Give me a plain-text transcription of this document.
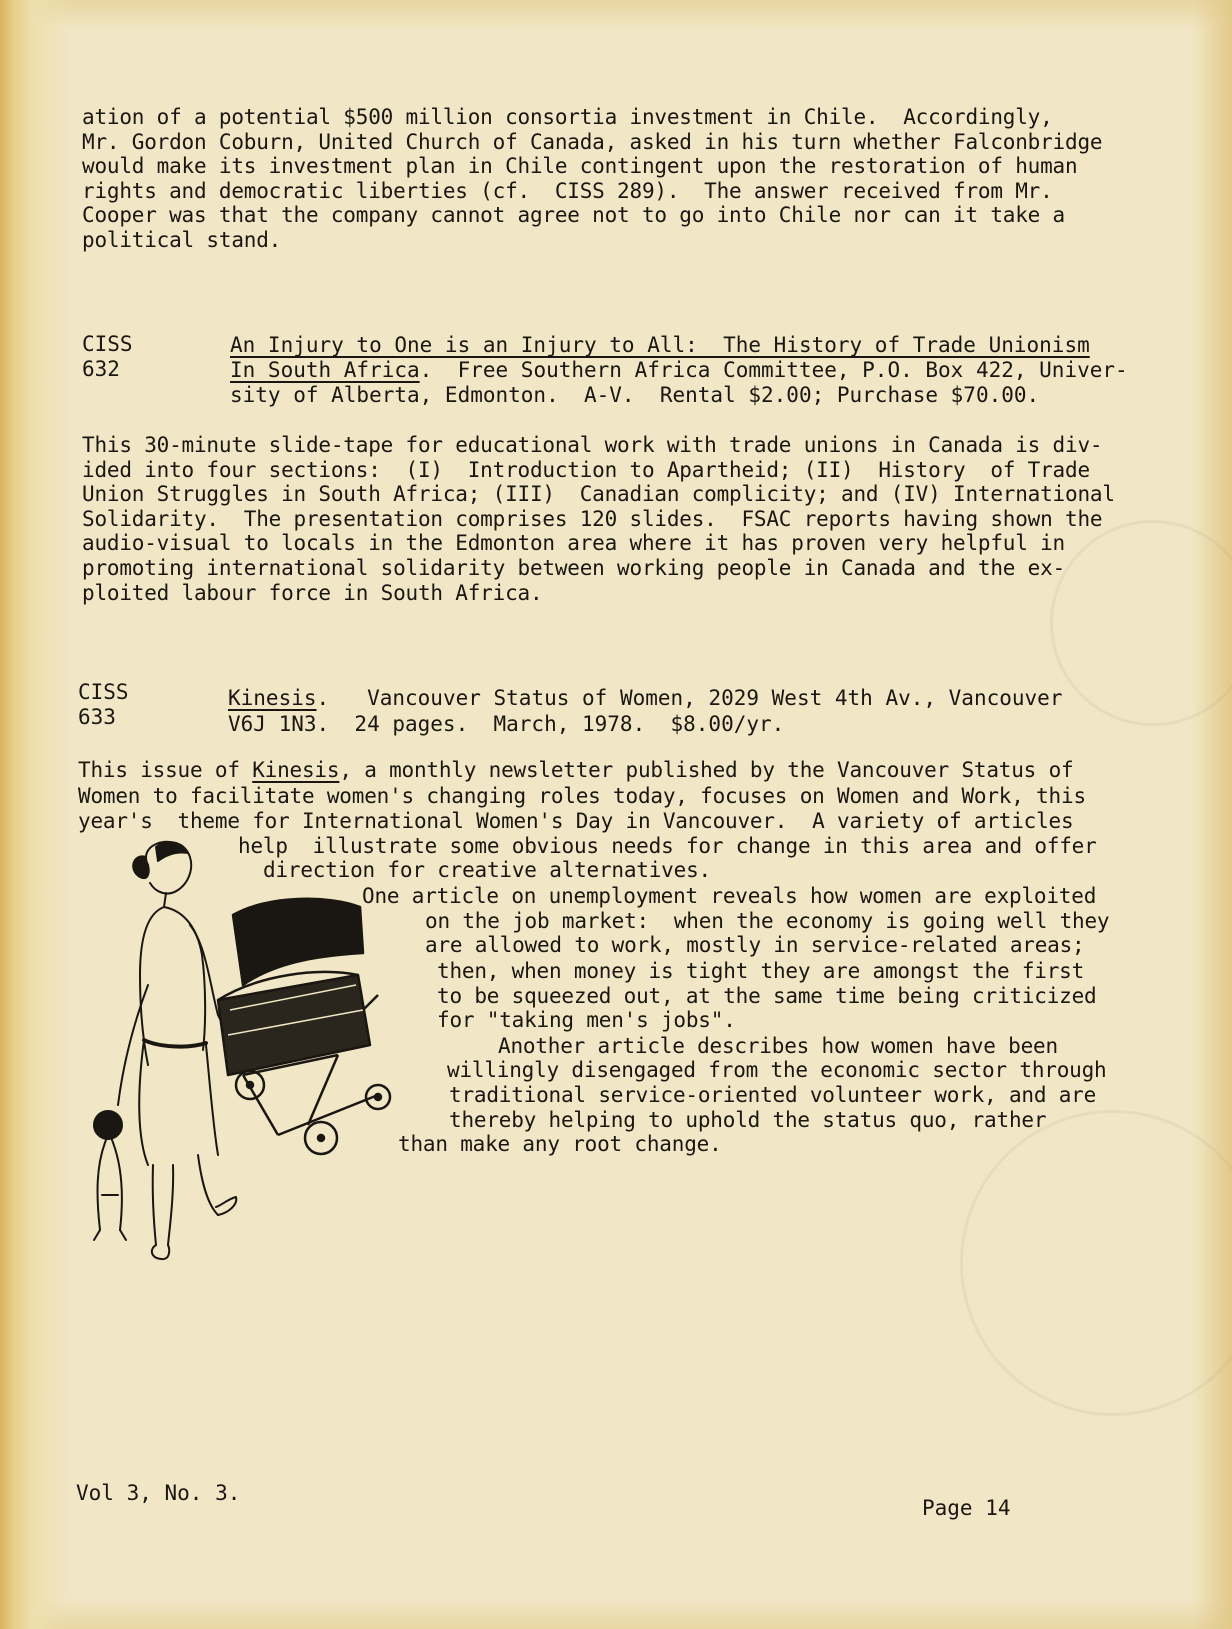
ation of a potential $500 million consortia investment in Chile.  Accordingly,
Mr. Gordon Coburn, United Church of Canada, asked in his turn whether Falconbridge
would make its investment plan in Chile contingent upon the restoration of human
rights and democratic liberties (cf.  CISS 289).  The answer received from Mr.
Cooper was that the company cannot agree not to go into Chile nor can it take a
political stand.
CISS
632
An Injury to One is an Injury to All:  The History of Trade Unionism
In South Africa.  Free Southern Africa Committee, P.O. Box 422, Univer-
sity of Alberta, Edmonton.  A-V.  Rental $2.00; Purchase $70.00.
This 30-minute slide-tape for educational work with trade unions in Canada is div-
ided into four sections:  (I)  Introduction to Apartheid; (II)  History  of Trade
Union Struggles in South Africa; (III)  Canadian complicity; and (IV) International
Solidarity.  The presentation comprises 120 slides.  FSAC reports having shown the
audio-visual to locals in the Edmonton area where it has proven very helpful in
promoting international solidarity between working people in Canada and the ex-
ploited labour force in South Africa.
CISS
633
Kinesis.   Vancouver Status of Women, 2029 West 4th Av., Vancouver
V6J 1N3.  24 pages.  March, 1978.  $8.00/yr.
This issue of Kinesis, a monthly newsletter published by the Vancouver Status of
Women to facilitate women's changing roles today, focuses on Women and Work, this
year's  theme for International Women's Day in Vancouver.  A variety of articles
help  illustrate some obvious needs for change in this area and offer
direction for creative alternatives.
One article on unemployment reveals how women are exploited
on the job market:  when the economy is going well they
are allowed to work, mostly in service-related areas;
then, when money is tight they are amongst the first
to be squeezed out, at the same time being criticized
for "taking men's jobs".
Another article describes how women have been
willingly disengaged from the economic sector through
traditional service-oriented volunteer work, and are
thereby helping to uphold the status quo, rather
than make any root change.
Vol 3, No. 3.
Page 14
